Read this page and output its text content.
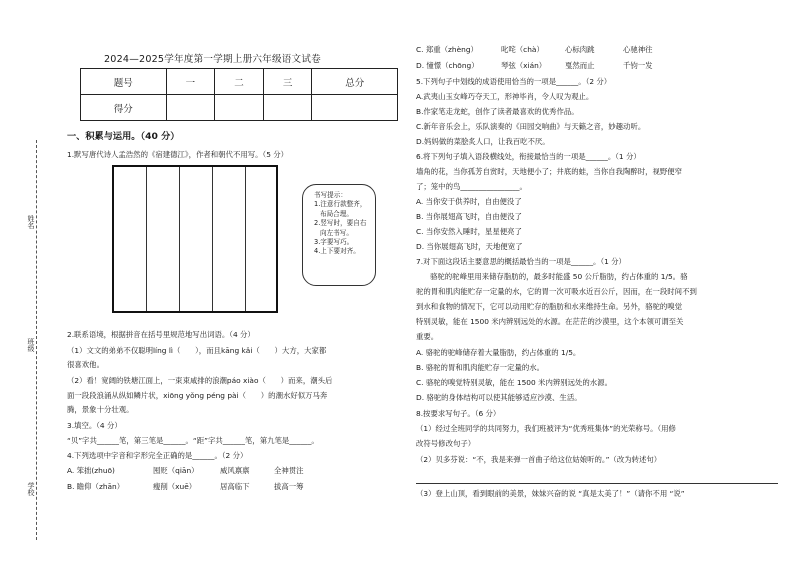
姓名
班级
学校
2024—2025学年度第一学期上册六年级语文试卷
题号	一	二	三	总分
得分				
一、积累与运用。（40 分）
1.默写唐代诗人孟浩然的《宿建德江》，作者和朝代不用写。（5 分）
书写提示：
1.注意行款整齐，
布局合理。
2.竖写时，要自右
向左书写。
3.字要写巧。
4.上下要对齐。
2.联系语境，根据拼音在括号里规范地写出词语。（4 分）
（1）文文的弟弟不仅聪明líng lì（　　），而且kāng kǎi（　　）大方，大家都
很喜欢他。
（2）看！宽阔的铁塘江面上，一束束咸排的浪潮páo xiào（　　）而来，潮头后
面一段段浪涌从纵如鳞片状，xiōng yǒng péng pài（　　）的潮水好似万马奔
腾，景象十分壮观。
3.填空。（4 分）
“贝”字共______笔，第三笔是______。“距”字共______笔，第九笔是______。
4.下列选项中字音和字形完全正确的是______。（2 分）
A. 笨拙(zhuō)	囤贬（qiān）	威风禀禀	全神贯注
B. 瞻仰（zhān）	瘦削（xuē）	居高临下	拔高一筹
C. 郑重（zhèng）	叱咤（chà）	心标肉跳	心驰神往
D. 憧憬（chōng）	琴弦（xián）	戛然而止	千钧一发
5.下列句子中划线的成语使用恰当的一项是______。（2 分）
A.武夷山玉女峰巧夺天工，形神毕肖，令人叹为观止。
B.作家笔走龙蛇，创作了读者最喜欢的优秀作品。
C.新年音乐会上，乐队演奏的《田园交响曲》与天籁之音，妙趣动听。
D.妈妈做的菜脍炙人口，让我百吃不厌。
6.将下列句子填入语段横线处，衔接最恰当的一项是______。（1 分）
墙角的花，当你孤芳自赏时，天地便小了；井底的蛙，当你自我陶醉时，视野便窄
了；笼中的鸟________________。
A. 当你安于供养时，自由便没了
B. 当你展翅高飞时，自由便没了
C. 当你安然入睡时，星星便亮了
D. 当你展翅高飞时，天地便宽了
7.对下面这段话主要意思的概括最恰当的一项是______。（1 分）
骆驼的驼峰里用来储存脂肪的，最多时能盛 50 公斤脂肪，约占体重的 1/5。骆
驼的胃和肌肉能贮存一定量的水，它的胃一次可吸水近百公斤，因而，在一段时间不到
到水和食物的情况下，它可以动用贮存的脂肪和水来维持生命。另外，骆驼的嗅觉
特别灵敏，能在 1500 米内辨别远处的水源。在茫茫的沙漠里，这个本领可谓至关
重要。
A. 骆驼的驼峰储存着大量脂肪，约占体重的 1/5。
B. 骆驼的胃和肌肉能贮存一定量的水。
C. 骆驼的嗅觉特别灵敏，能在 1500 米内辨别远处的水源。
D. 骆驼的身体结构可以使其能够适应沙漠、生活。
8.按要求写句子。（6 分）
（1）经过全班同学的共同努力，我们班被评为“优秀班集体”的光荣称号。（用修
改符号修改句子）
（2）贝多芬说：“不，我是来弹一首曲子给这位姑娘听的。”（改为转述句）
（3）登上山顶，看到眼前的美景，妹妹兴奋的说 “真是太美了！”（请你不用 “说”
